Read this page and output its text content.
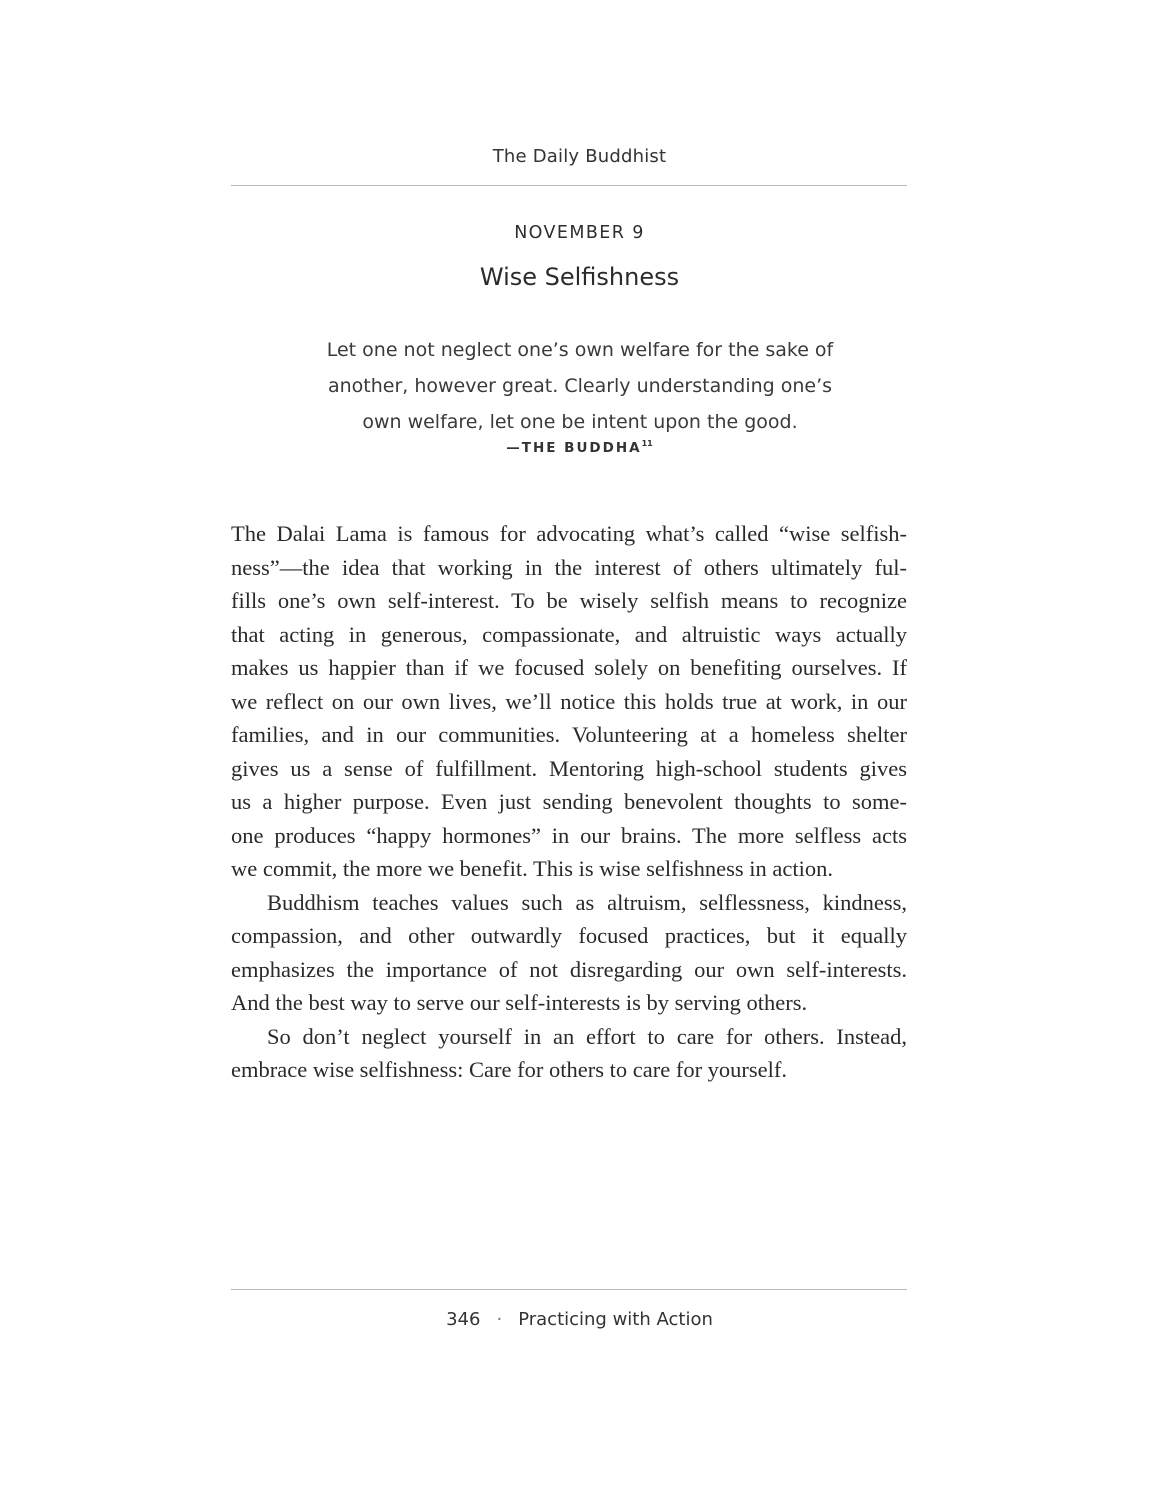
The Daily Buddhist
NOVEMBER 9
Wise Selfishness
Let one not neglect one’s own welfare for the sake of
another, however great. Clearly understanding one’s
own welfare, let one be intent upon the good.
—THE BUDDHA$^{11}$
The Dalai Lama is famous for advocating what’s called “wise selfish-
ness”—the idea that working in the interest of others ultimately ful-
fills one’s own self-interest. To be wisely selfish means to recognize
that acting in generous, compassionate, and altruistic ways actually
makes us happier than if we focused solely on benefiting ourselves. If
we reflect on our own lives, we’ll notice this holds true at work, in our
families, and in our communities. Volunteering at a homeless shelter
gives us a sense of fulfillment. Mentoring high-school students gives
us a higher purpose. Even just sending benevolent thoughts to some-
one produces “happy hormones” in our brains. The more selfless acts
we commit, the more we benefit. This is wise selfishness in action.
Buddhism teaches values such as altruism, selflessness, kindness,
compassion, and other outwardly focused practices, but it equally
emphasizes the importance of not disregarding our own self-interests.
And the best way to serve our self-interests is by serving others.
So don’t neglect yourself in an effort to care for others. Instead,
embrace wise selfishness: Care for others to care for yourself.
346 · Practicing with Action
